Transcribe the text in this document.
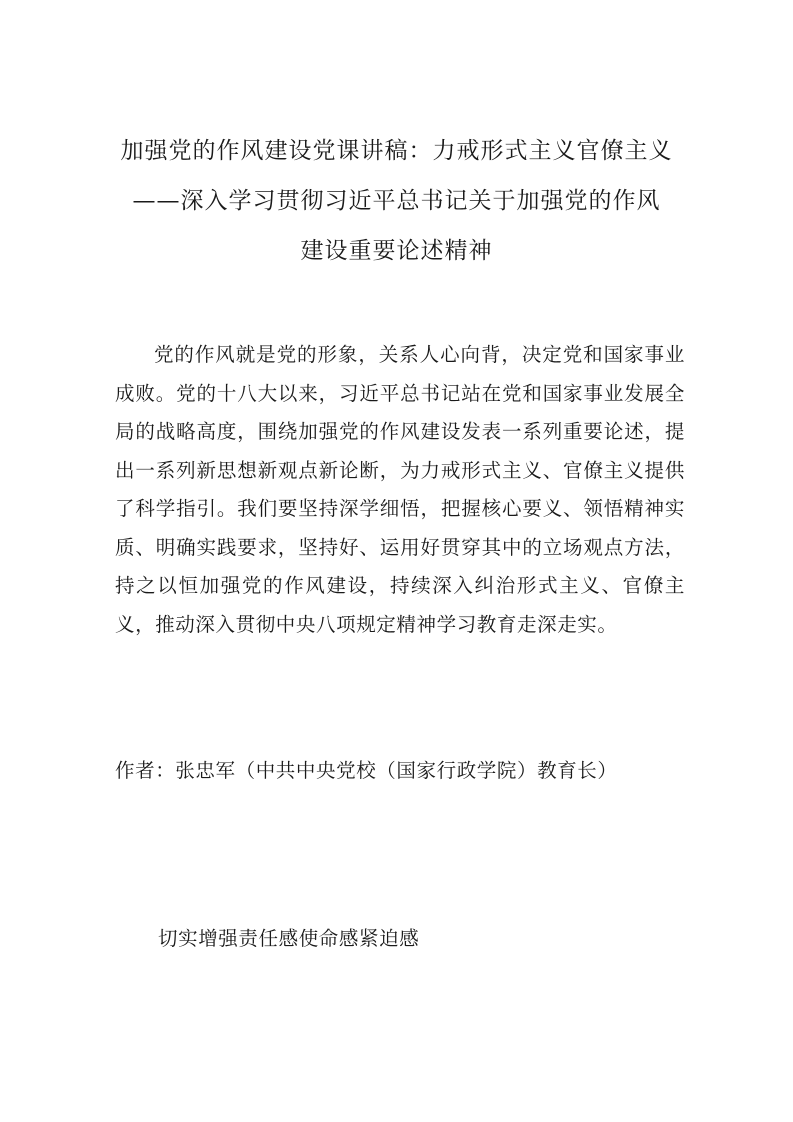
加强党的作风建设党课讲稿：力戒形式主义官僚主义
——深入学习贯彻习近平总书记关于加强党的作风
建设重要论述精神

党的作风就是党的形象，关系人心向背，决定党和国家事业成败。党的十八大以来，习近平总书记站在党和国家事业发展全局的战略高度，围绕加强党的作风建设发表一系列重要论述，提出一系列新思想新观点新论断，为力戒形式主义、官僚主义提供了科学指引。我们要坚持深学细悟，把握核心要义、领悟精神实质、明确实践要求，坚持好、运用好贯穿其中的立场观点方法，持之以恒加强党的作风建设，持续深入纠治形式主义、官僚主义，推动深入贯彻中央八项规定精神学习教育走深走实。

作者：张忠军（中共中央党校（国家行政学院）教育长）
切实增强责任感使命感紧迫感
